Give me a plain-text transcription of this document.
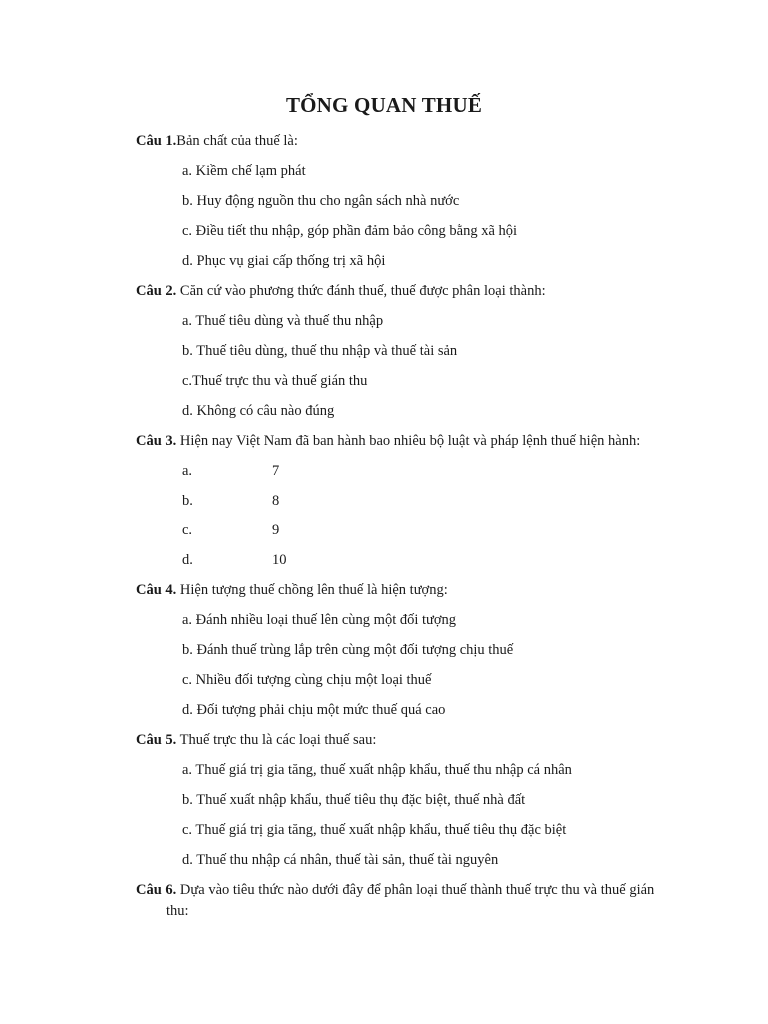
TỔNG QUAN THUẾ
Câu 1.Bản chất của thuế là:
a. Kiềm chế lạm phát
b. Huy động nguồn thu cho ngân sách nhà nước
c. Điều tiết thu nhập, góp phần đảm bảo công bằng xã hội
d. Phục vụ giai cấp thống trị xã hội
Câu 2. Căn cứ vào phương thức đánh thuế, thuế được phân loại thành:
a. Thuế tiêu dùng và thuế thu nhập
b. Thuế tiêu dùng, thuế thu nhập và thuế tài sản
c.Thuế trực thu và thuế gián thu
d. Không có câu nào đúng
Câu 3. Hiện nay Việt Nam đã ban hành bao nhiêu bộ luật và pháp lệnh thuế hiện hành:
a.	7
b.	8
c.	9
d.	10
Câu 4. Hiện tượng thuế chồng lên thuế là hiện tượng:
a. Đánh nhiều loại thuế lên cùng một đối tượng
b. Đánh thuế trùng lắp trên cùng một đối tượng chịu thuế
c. Nhiều đối tượng cùng chịu một loại thuế
d. Đối tượng phải chịu một mức thuế quá cao
Câu 5. Thuế trực thu là các loại thuế sau:
a. Thuế giá trị gia tăng, thuế xuất nhập khẩu, thuế thu nhập cá nhân
b. Thuế xuất nhập khẩu, thuế tiêu thụ đặc biệt, thuế nhà đất
c. Thuế giá trị gia tăng, thuế xuất nhập khẩu, thuế tiêu thụ đặc biệt
d. Thuế thu nhập cá nhân, thuế tài sản, thuế tài nguyên
Câu 6. Dựa vào tiêu thức nào dưới đây để phân loại thuế thành thuế trực thu và thuế gián
thu:
